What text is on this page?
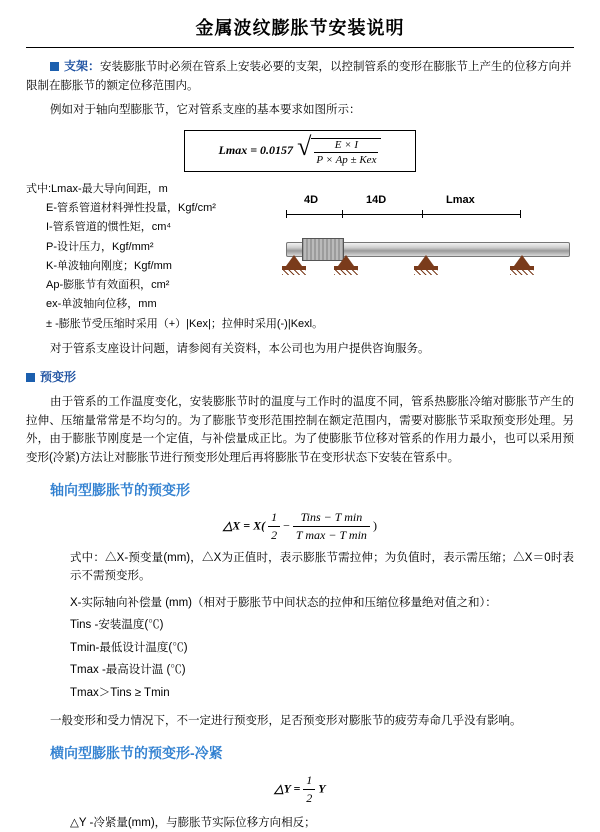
金属波纹膨胀节安装说明
支架：安装膨胀节时必须在管系上安装必要的支架，以控制管系的变形在膨胀节上产生的位移方向并限制在膨胀节的额定位移范围内。
例如对于轴向型膨胀节，它对管系支座的基本要求如图所示：
Lmax = 0.0157 √ $\frac{E \times I}{\text{P × Ap ± Kex}}$
式中:Lmax-最大导向间距，m
E-管系管道材料弹性投量，Kgf/cm²
I-管系管道的惯性矩，cm⁴
P-设计压力，Kgf/mm²
K-单波轴向刚度；Kgf/mm
Ap-膨胀节有效面积，cm²
ex-单波轴向位移，mm
± -膨胀节受压缩时采用（+）|Kex|；拉伸时采用(-)|Kexl。
4D	14D	Lmax
对于管系支座设计问题，请参阅有关资料，本公司也为用户提供咨询服务。
预变形
由于管系的工作温度变化，安装膨胀节时的温度与工作时的温度不同，管系热膨胀冷缩对膨胀节产生的拉伸、压缩量常常是不均匀的。为了膨胀节变形范围控制在额定范围内，需要对膨胀节采取预变形处理。另外，由于膨胀节刚度是一个定值，与补偿量成正比。为了使膨胀节位移对管系的作用力最小，也可以采用预变形(冷紧)方法让对膨胀节进行预变形处理后再将膨胀节在变形状态下安装在管系中。
轴向型膨胀节的预变形
△X = $X( \frac{1}{2} - \frac{\text{Tins − T min}}{\text{T max − T min}}$ )
式中：△X-预变量(mm)，△X为正值时，表示膨胀节需拉伸；为负值时，表示需压缩；△X＝0时表示不需预变形。
X-实际轴向补偿量 (mm)（相对于膨胀节中间状态的拉伸和压缩位移量绝对值之和）：
Tins -安装温度(℃)
Tmin-最低设计温度(℃)
Tmax -最高设计温 (℃)
Tmax＞Tins ≥ Tmin
一般变形和受力情况下，不一定进行预变形，足否预变形对膨胀节的疲劳寿命几乎没有影响。
横向型膨胀节的预变形-冷紧
△Y = $\frac{1}{2}$ Y
△Y -冷紧量(mm)，与膨胀节实际位移方向相反；
